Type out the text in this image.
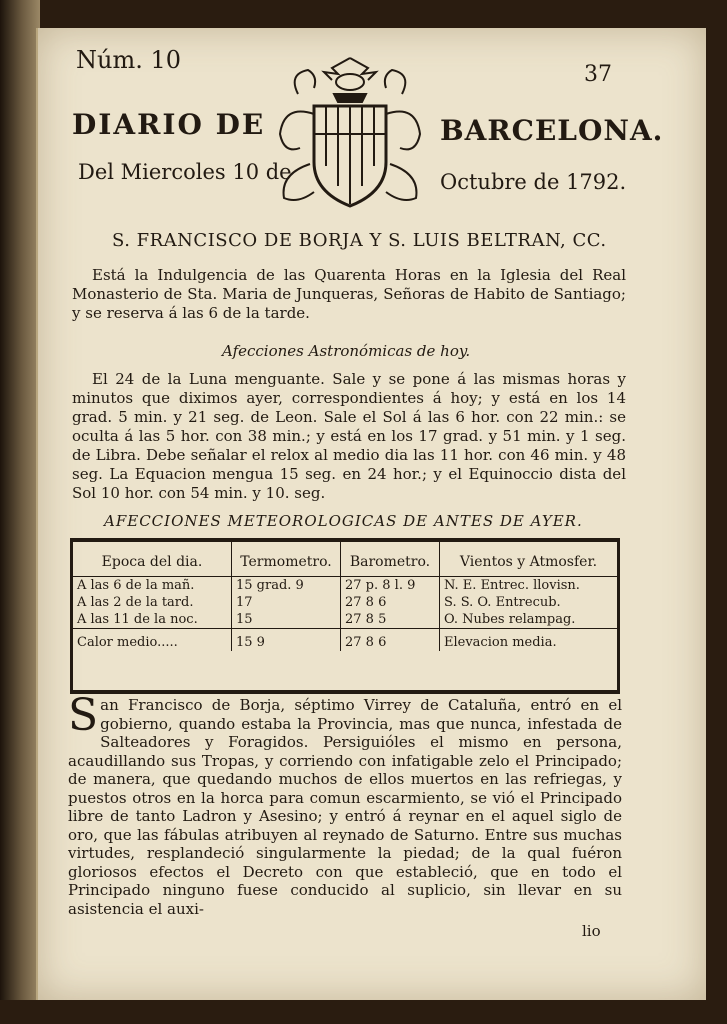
Núm. 10
37
DIARIO DE	BARCELONA.
Del Miercoles 10 de	Octubre de 1792.
S. FRANCISCO DE BORJA Y S. LUIS BELTRAN, CC.
Está la Indulgencia de las Quarenta Horas en la Iglesia del Real Monasterio de Sta. Maria de Junqueras, Señoras de Habito de Santiago; y se reserva á las 6 de la tarde.
Afecciones Astronómicas de hoy.
El 24 de la Luna menguante. Sale y se pone á las mismas horas y minutos que diximos ayer, correspondientes á hoy; y está en los 14 grad. 5 min. y 21 seg. de Leon. Sale el Sol á las 6 hor. con 22 min.: se oculta á las 5 hor. con 38 min.; y está en los 17 grad. y 51 min. y 1 seg. de Libra. Debe señalar el relox al medio dia las 11 hor. con 46 min. y 48 seg. La Equacion mengua 15 seg. en 24 hor.; y el Equinoccio dista del Sol 10 hor. con 54 min. y 10. seg.
AFECCIONES METEOROLOGICAS DE ANTES DE AYER.
Epoca del dia.	Termometro.	Barometro.	Vientos y Atmosfer.
A las 6 de la mañ.	15 grad. 9	27 p. 8 l. 9	N. E. Entrec. llovisn.
A las 2 de la tard.	17	27 8 6	S. S. O. Entrecub.
A las 11 de la noc.	15	27 8 5	O. Nubes relampag.
Calor medio.....	15 9	27 8 6	Elevacion media.
San Francisco de Borja, séptimo Virrey de Cataluña, entró en el gobierno, quando estaba la Provincia, mas que nunca, infestada de Salteadores y Foragidos. Persiguióles el mismo en persona, acaudillando sus Tropas, y corriendo con infatigable zelo el Principado; de manera, que quedando muchos de ellos muertos en las refriegas, y puestos otros en la horca para comun escarmiento, se vió el Principado libre de tanto Ladron y Asesino; y entró á reynar en el aquel siglo de oro, que las fábulas atribuyen al reynado de Saturno. Entre sus muchas virtudes, resplandeció singularmente la piedad; de la qual fuéron gloriosos efectos el Decreto con que estableció, que en todo el Principado ninguno fuese conducido al suplicio, sin llevar en su asistencia el auxi-
lio
